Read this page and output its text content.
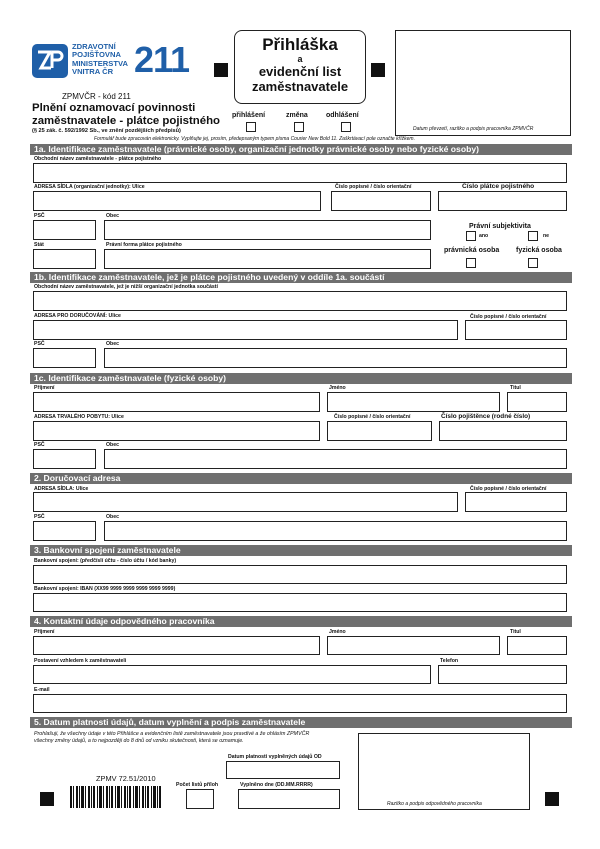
ZDRAVOTNÍ
POJIŠŤOVNA
MINISTERSTVA
VNITRA ČR 211
ZPMVČR - kód 211
Plnění oznamovací povinnosti
zaměstnavatele - plátce pojistného
(§ 25 zák. č. 592/1992 Sb., ve znění pozdějších předpisů)
Přihláška
a
evidenční list
zaměstnavatele
přihlášení	změna	odhlášení
Datum převzetí, razítko a podpis pracovníka ZPMVČR
Formulář bude zpracován elektronicky. Vyplňujte jej, prosím, předepsaným typem písma Courier New Bold 11. Zaškrtávací pole označte křížkem.
1a. Identifikace zaměstnavatele (právnické osoby, organizační jednotky právnické osoby nebo fyzické osoby)
Obchodní název zaměstnavatele - plátce pojistného
ADRESA SÍDLA (organizační jednotky): Ulice	Číslo popisné / číslo orientační	Číslo plátce pojistného
PSČ	Obec
Právní subjektivita
ano	ne
Stát	Právní forma plátce pojistného
právnická osoba fyzická osoba
1b. Identifikace zaměstnavatele, jež je plátce pojistného uvedený v oddíle 1a. součástí
Obchodní název zaměstnavatele, jež je nižší organizační jednotka součástí
ADRESA PRO DORUČOVÁNÍ: Ulice	Číslo popisné / číslo orientační
PSČ	Obec
1c. Identifikace zaměstnavatele (fyzické osoby)
Příjmení	Jméno	Titul
ADRESA TRVALÉHO POBYTU: Ulice	Číslo popisné / číslo orientační	Číslo pojištěnce (rodné číslo)
PSČ	Obec
2. Doručovací adresa
ADRESA SÍDLA: Ulice	Číslo popisné / číslo orientační
PSČ	Obec
3. Bankovní spojení zaměstnavatele
Bankovní spojení: (předčíslí účtu - číslo účtu / kód banky)
Bankovní spojení: IBAN (XX99 9999 9999 9999 9999 9999)
4. Kontaktní údaje odpovědného pracovníka
Příjmení	Jméno	Titul
Postavení vzhledem k zaměstnavateli	Telefon
E-mail
5. Datum platnosti údajů, datum vyplnění a podpis zaměstnavatele
Prohlašuji, že všechny údaje v této Přihlášce a evidenčním listě zaměstnavatele jsou pravdivé a že ohlásím ZPMVČR
všechny změny údajů, a to nejpozději do 8 dnů od vzniku skutečnosti, která se oznamuje.
Datum platnosti vyplněných údajů OD
ZPMV 72.51/2010
Počet listů příloh	Vyplněno dne (DD.MM.RRRR)
Razítko a podpis odpovědného pracovníka
